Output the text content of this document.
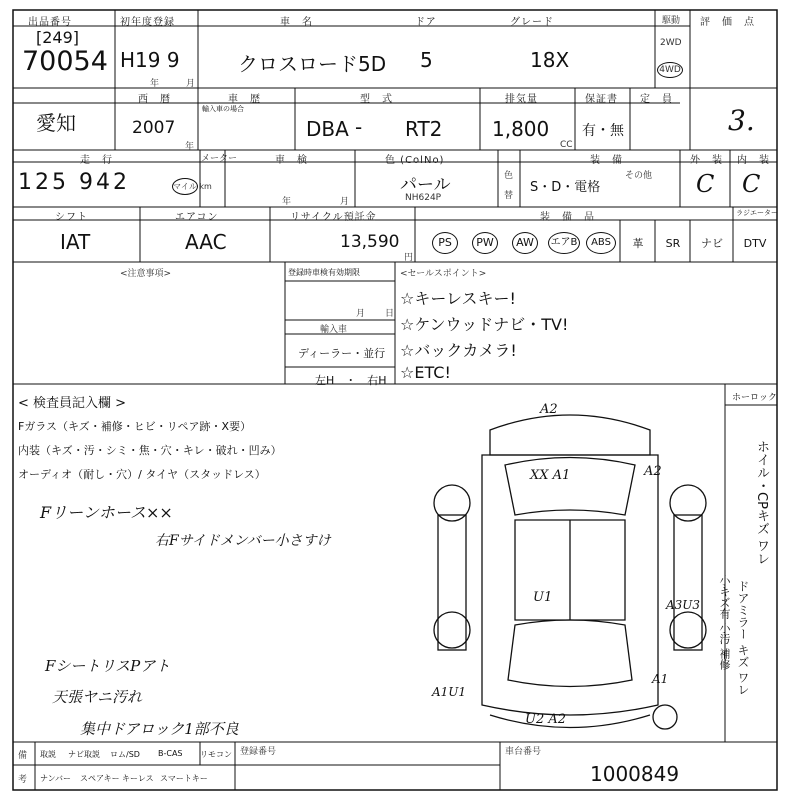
出品番号
[249]
70054
初年度登録
H19 9
年	月
車　名
クロスロード5D
ドア
5
グレード
18X
駆動
2WD
4WD
評　価　点
3.
愛知
西　暦
2007
年
車　歴
輸入車の場合
型　式
DBA - RT2
排気量
1,800
CC
保証書
有・無
定　員
走　行
125 942	マイル km
メーター	車　検
年	月
色 (ColNo)
パール
NH624P
色
替
装　備
S・D・電格
その他
外　装
C
内　装
C
シフト
IAT
エアコン
AAC
リサイクル預託金
13,590
円
装　備　品	ラジエーター
PS	PW	AW	エアB	ABS	革	SR	ナビ	DTV
<注意事項>	登録時車検有効期限
月 日
輸入車
ディーラー・並行
左H　・　右H
<セールスポイント>
☆キーレスキー!
☆ケンウッドナビ・TV!
☆バックカメラ!
☆ETC!
< 検査員記入欄 >
Fガラス（キズ・補修・ヒビ・リペア跡・X要）
内装（キズ・汚・シミ・焦・穴・キレ・破れ・凹み）
オーディオ（耐し・穴）/ タイヤ（スタッドレス）
Fリーンホース××
右Fサイドメンバー小さすけ
FシートリスPアト
天張ヤニ汚れ
集中ドアロック1部不良
A2
XX A1	A2
U1	A3U3
A1U1
A1
U2 A2
ホーロック
ホイル・CPキズ ワレ
ドアミラー キズ ワレ
小キズ有 小汚 補修
備
考
取説 ナビ取説 ロム/SD B-CAS リモコン
ナンバー スペアキー キーレス スマートキー
登録番号	車台番号
1000849
